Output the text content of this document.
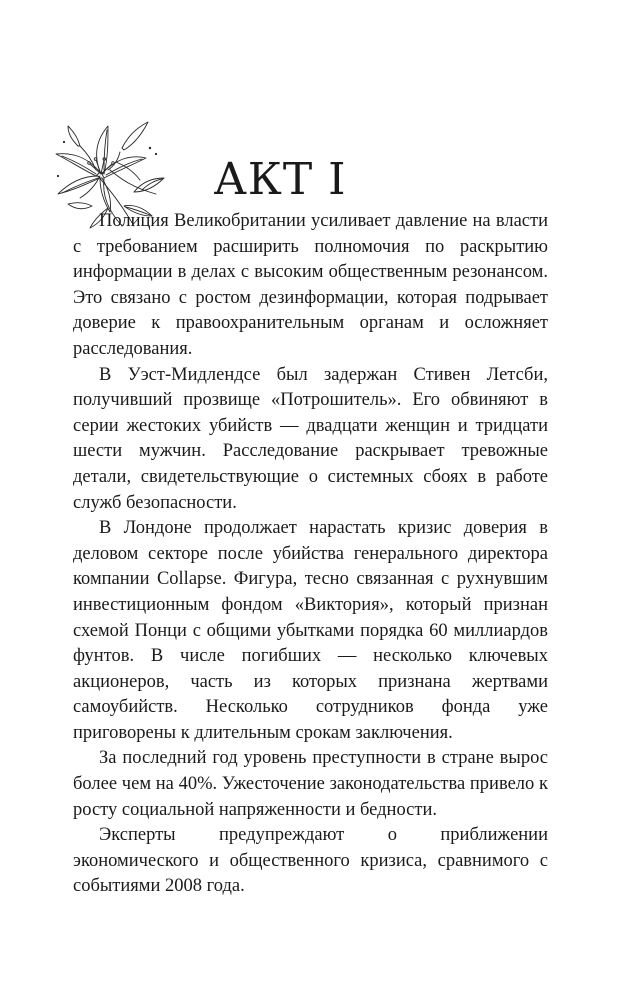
АКТ I

Полиция Великобритании усиливает давление на власти с требованием расширить полномочия по раскрытию информации в делах с высоким общественным резонансом. Это связано с ростом дезинформации, которая подрывает доверие к правоохранительным органам и осложняет расследования.

В Уэст-Мидлендсе был задержан Стивен Летсби, получивший прозвище «Потрошитель». Его обвиняют в серии жестоких убийств — двадцати женщин и тридцати шести мужчин. Расследование раскрывает тревожные детали, свидетельствующие о системных сбоях в работе служб безопасности.

В Лондоне продолжает нарастать кризис доверия в деловом секторе после убийства генерального директора компании Collapse. Фигура, тесно связанная с рухнувшим инвестиционным фондом «Виктория», который признан схемой Понци с общими убытками порядка 60 миллиардов фунтов. В числе погибших — несколько ключевых акционеров, часть из которых признана жертвами самоубийств. Несколько сотрудников фонда уже приговорены к длительным срокам заключения.

За последний год уровень преступности в стране вырос более чем на 40%. Ужесточение законодательства привело к росту социальной напряженности и бедности.

Эксперты предупреждают о приближении экономического и общественного кризиса, сравнимого с событиями 2008 года.
